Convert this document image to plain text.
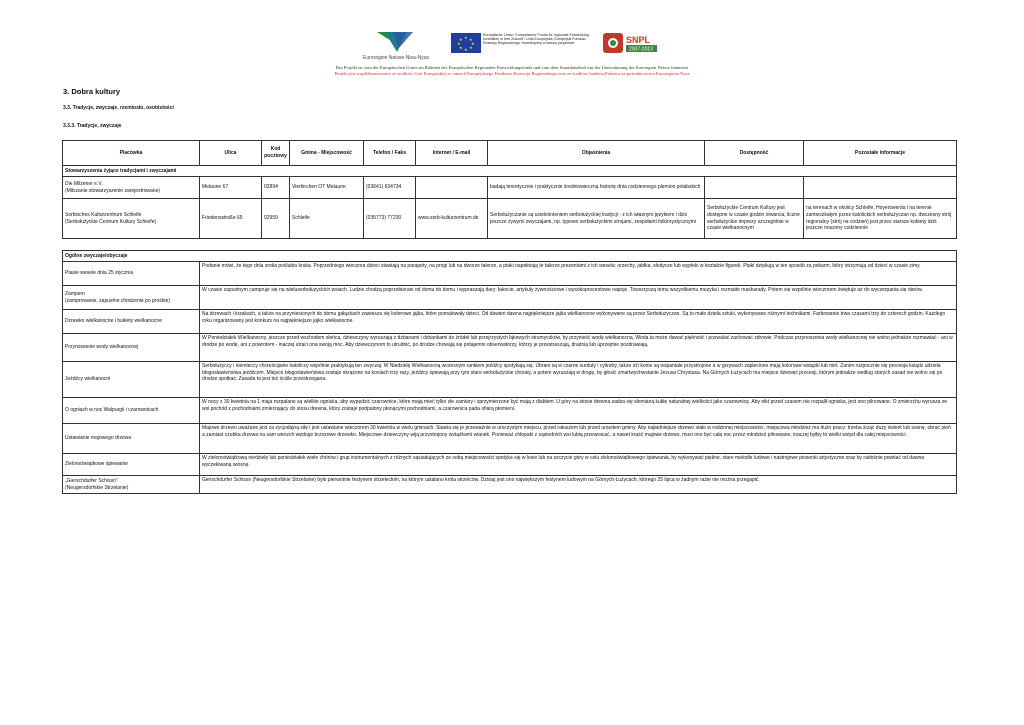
Euroregion Neisse-Nisa-Nysa
★ ★
★
★
★
★
★
★
Europäische Union, Europäischer Fonds für regionale Entwicklung: Investition in Ihre Zukunft / Unia Europejska, Europejski Fundusz Rozwoju Regionalnego: Inwestujemy w waszą przyszłość	SNPL
2007-2013
Das Projekt ist vom der Europäischen Union im Rahmen des Europäischen Regionalen Entwicklungsfonds und vom dem Staatshaushalt mit der Unterstützung der Euroregion Neisse finanziert
Projekt jest współfinansowany ze środków Unii Europejskiej w ramach Europejskiego Funduszu Rozwoju Regionalnego oraz ze środków budżetu Państwa za pośrednictwem Euroregionu Nysa
3. Dobra kultury
3.3. Tradycje, zwyczaje, rzemiosło, osobistości
3.3.3. Tradycje, zwyczaje
Placówka	Ulica	Kod pocztowy	Gmina - Miejscowość	Telefon / Faks	Internet / E-mail	Objaśnienia	Dostępność	Pozostałe informacje
Stowarzyszenia żyjące tradycjami i zwyczajami								
Die Milzener e.V.
(Milczanie stowarzyszenie zarejestrowane)	Melaune 67	02894	Vierkirchen OT Melaune	(03641) 634734		badają teoretycznie i praktycznie średniowieczną historię dnia codziennego plemion połabskich		
Sorbisches Kulturzentrum Schleife
(Serbołużyckie Centrum Kultury Schleife)	Friedensstraße 65	02959	Schleife	(035773) 77230	www.sorb-kulturzentrum.de	Serbołużyczanie są ucieleśnieniem serbołużyckiej tradycji - z ich własnym językiem i dziś jeszcze żywymi zwyczajami, np. typowo serbołużyckimi strojami, zespołami folklorystycznymi	Serbołużyckie Centrum Kultury jest dostępne w czasie godzin otwarcia; liczne serbołużyckie imprezy szczególnie w czasie wielkanocnym	na terenach w okolicy Schleife, Hoyerswerda i na terenie zamieszkałym przez katolickich serbołużyczan np. dwczesny strój regionalny (strój na codzień) jest przez starsze kobiety dziś jeszcze noszony codziennie
Ogólne zwyczaje/obyczaje	
Ptasie wesele dnia 25 stycznia	Podanie mówi, że tego dnia sroka poślubia kruka. Poprzedniego wieczora dzieci stawiają na parapety, na progi lub na dworze talerze, a ptaki napełniają te talerze prezentami z ich wesela: orzechy, jabłka, słodycze lub wypieki w kształcie figurek. Ptaki dziękują w ten sposób za pokarm, który otrzymują od dzieci w czasie zimy.
Zampern
(zamprowanie, zapustne chodzenie po prośbie)	W czasie zapustnym campruje się na wieluserbołużyckich wsiach. Ludzie chodzą poprzebierani od domu do domu i wypraszają dary: łakocie, artykuły żywnościowe i wysokoprocentowe napoje. Towarzyszą temu wszystkiemu muzyka i rozmaite maskarady. Potem się wspólnie wieczorem świętuje aż do wyczerpania się darów.
Drzewko wielkanocne i bukiety wielkanocne	Na drzewach i krzakach, a także na przyniesionych do domu gałązkach zawiesza się kolorowe jajka, które pomalowały dzieci. Od dawien dawna najpiękniejsze jajka wielkanocne wykonywane są przez Serbołużyczan. Są to małe dzieła sztuki, wykonywane różnymi technikami. Farbowanie trwa czasami trzy do czterech godzin. Każdego roku organizowany jest konkurs na najpiękniejsze jajko wielkanocne.
Przynoszenie wody wielkanocnej	W Poniedziałek Wielkanocny, jeszcze przed wschodem słońca, dziewczyny wyruszają z dzbanami i dzbankami do źródeł lub przejrzystych łąkowych strumyczków, by przynieść wodę wielkanocną. Woda ta może dawać piękność i pozwalać zachować zdrowie. Podczas przynoszenia wody wielkanocnej nie wolno jednakże rozmawiać - ani w drodze po wodę, ani z powrotem - inaczej utraci ona swoją moc. Aby dziewczynom to utrudnić, po drodze chowają się potajemni obserwatorzy, którzy je przestraszają, drażnią lub uprzejmie pozdrawiają.
Jeźdźcy wielkanocni	Serbołużyccy i niemieccy chrześcijanie katoliccy wspólnie praktykują ten zwyczaj. W Niedzielę Wielkanocną wczesnym rankiem jeźdźcy spotykają się. Ubrani są w czarne surduty i cylindry, także ich konie są wspaniale przystrojone a w grzywach zaplecione mają kolorowe wstążki lub mirt. Zanim rozpocznie się procesja ksiądz udziela błogosławieństwa jeźdźcom. Miejsce błogosławieństwa zostaje okrążone na koniach trzy razy, jeźdźcy śpiewają przy tym stare serbołużyckie chorały, a potem wyruszają w drogę, by głosić zmartwychwstanie Jezusa Chrystusa. Na Górnych Łużycach ma miejsce dziesięć procesji, którym jednakże według starych zasad nie wolno się po drodze spotkać. Zasada ta jest też ściśle przestrzegana.
O ogniach w noc Walpurgii i czarownicach	W nocy z 30 kwietnia na 1 maja rozpalane są wielkie ogniska, aby wypędzić czarownice, które mają mieć tylko złe zamiary i sprzymierzone być mają z diabłem. U góry na stosie drewna sadza się słomianą kukłę naturalnej wielkości jako czarownicę. Aby nikt przed czasem nie rozpalił ogniska, jest ono pilnowane. O zmierzchu wyrusza ze wsi pochód z pochodniami zmierzający do stosu drewna, który zostaje podpalony płonącymi pochodniami, a czarownica pada ofiarą płomieni.
Ustawianie majowego drzewa	Majowe drzewo uważane jest za zycjodajną siłę i jest ustawiane wieczorem 30 kwietnia w wielu gminach. Stawia się je przeważnie w uroczystym miejscu, przed ratuszem lub przed urzędem gminy. Aby najładniejsze drzewo stało w rodzinnej miejscowości, miejscowa młodzież ma dużo pracy: trzeba ściąć duży świerk lub sosnę, obrać pień a zamiast czubka drzewa na sam wierzch wędruje brzozowe drzewko. Miejscowe dziewczyny wiją przystrojony wstążkami wianek. Ponieważ chłopaki z sąsiednich wsi lubią przewracać, a nawet kraść majowe drzewo, musi ono być całą noc przez młodzież pilnowane, inaczej byłby to wielki wstyd dla całej miejscowości.
Zielonoświątkowe śpiewanie	W zielonoświątkową niedzielę lub poniedziałek wiele chórów i grup instrumentalnych z różnych sąsiadujących ze sobą miejscowości spotyka się w lesie lub na szczycie góry w celu zielonoświątkowego śpiewania, by wykonywać piękne, stare melodie ludowe i nastrojowe piosenki artystyczne oraz by radośnie powitać od dawna wyczekiwaną wiosnę.
„Gierschdurfer Schissn"
(Neugersdorfskie Strzelanie)	Gierschdurfer Schissn (Neugersdorfskie Strzelanie) było pierwotnie festynem strzeleckim, na którym ustalano króla strzelców. Dzisiaj jest ono największym festynem ludowym na Górnych Łużycach, którego 25 lipca w żadnym razie nie można przegapić.
